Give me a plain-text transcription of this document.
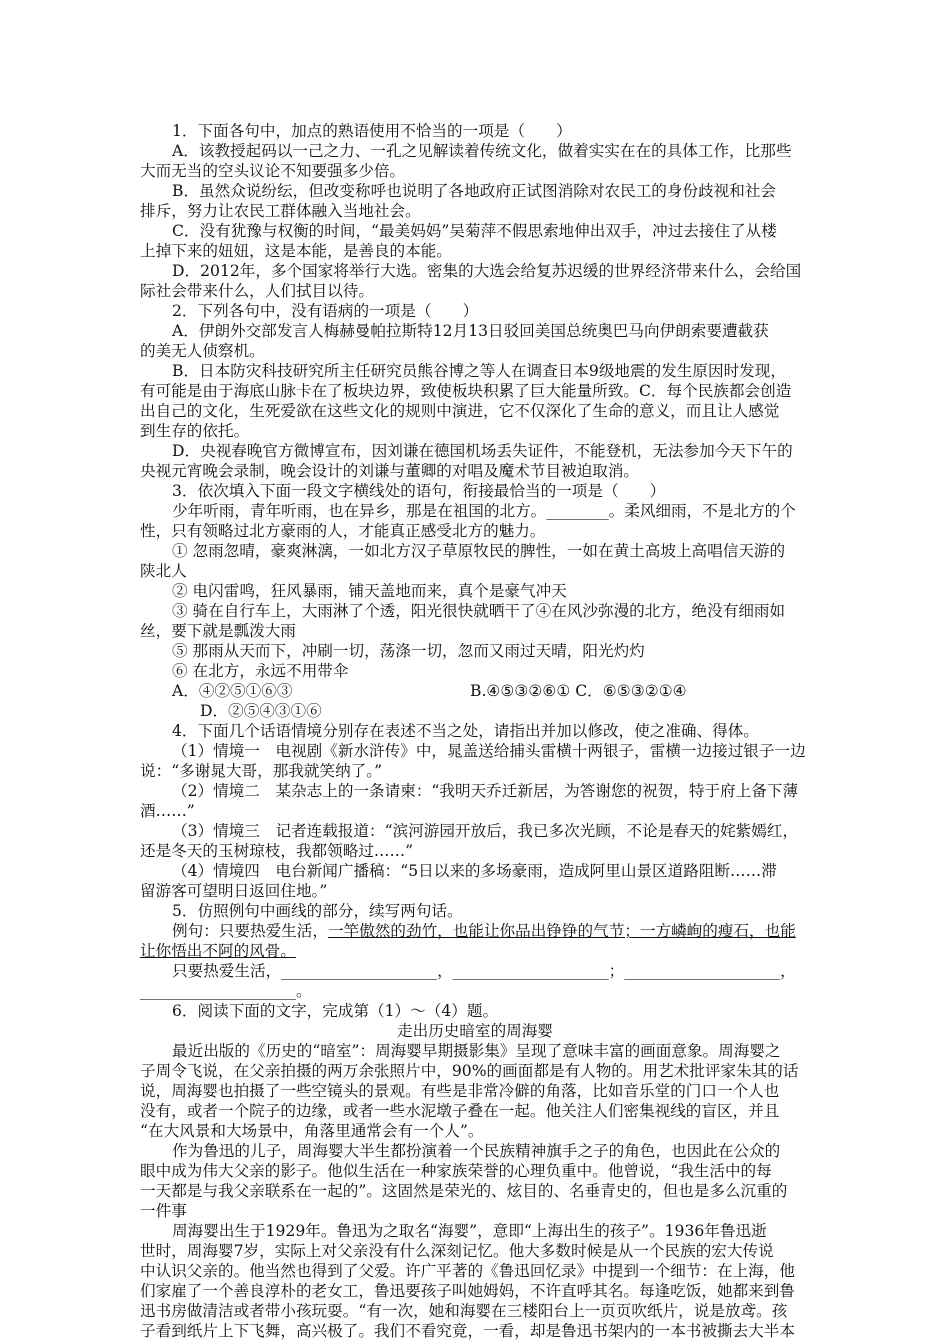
1．下面各句中，加点的熟语使用不恰当的一项是（　　）
A．该教授起码以一己之力、一孔之见解读着传统文化，做着实实在在的具体工作，比那些
大而无当的空头议论不知要强多少倍。
B．虽然众说纷纭，但改变称呼也说明了各地政府正试图消除对农民工的身份歧视和社会
排斥，努力让农民工群体融入当地社会。
C．没有犹豫与权衡的时间，“最美妈妈”吴菊萍不假思索地伸出双手，冲过去接住了从楼
上掉下来的妞妞，这是本能，是善良的本能。
D．2012年，多个国家将举行大选。密集的大选会给复苏迟缓的世界经济带来什么，会给国
际社会带来什么，人们拭目以待。
2．下列各句中，没有语病的一项是（　　）
A．伊朗外交部发言人梅赫曼帕拉斯特12月13日驳回美国总统奥巴马向伊朗索要遭截获
的美无人侦察机。
B．日本防灾科技研究所主任研究员熊谷博之等人在调查日本9级地震的发生原因时发现，
有可能是由于海底山脉卡在了板块边界，致使板块积累了巨大能量所致。C．每个民族都会创造
出自己的文化，生死爱欲在这些文化的规则中演进，它不仅深化了生命的意义，而且让人感觉
到生存的依托。
D．央视春晚官方微博宣布，因刘谦在德国机场丢失证件，不能登机，无法参加今天下午的
央视元宵晚会录制，晚会设计的刘谦与董卿的对唱及魔术节目被迫取消。
3．依次填入下面一段文字横线处的语句，衔接最恰当的一项是（　　）
少年听雨，青年听雨，也在异乡，那是在祖国的北方。________。柔风细雨，不是北方的个
性，只有领略过北方豪雨的人，才能真正感受北方的魅力。
① 忽雨忽晴，豪爽淋漓，一如北方汉子草原牧民的脾性，一如在黄土高坡上高唱信天游的
陕北人
② 电闪雷鸣，狂风暴雨，铺天盖地而来，真个是豪气冲天
③ 骑在自行车上，大雨淋了个透，阳光很快就晒干了④在风沙弥漫的北方，绝没有细雨如
丝，要下就是瓢泼大雨
⑤ 那雨从天而下，冲刷一切，荡涤一切，忽而又雨过天晴，阳光灼灼
⑥ 在北方，永远不用带伞
A．④②⑤①⑥③	B.④⑤③②⑥① C．⑥⑤③②①④
D．②⑤④③①⑥
4．下面几个话语情境分别存在表述不当之处，请指出并加以修改，使之准确、得体。
（1）情境一　电视剧《新水浒传》中，晁盖送给捕头雷横十两银子，雷横一边接过银子一边
说：“多谢晁大哥，那我就笑纳了。”
（2）情境二　某杂志上的一条请柬：“我明天乔迁新居，为答谢您的祝贺，特于府上备下薄
酒……”
（3）情境三　记者连载报道：“滨河游园开放后，我已多次光顾，不论是春天的姹紫嫣红，
还是冬天的玉树琼枝，我都领略过……”
（4）情境四　电台新闻广播稿：“5日以来的多场豪雨，造成阿里山景区道路阻断……滞
留游客可望明日返回住地。”
5．仿照例句中画线的部分，续写两句话。
例句：只要热爱生活， 一竿傲然的劲竹，也能让你品出铮铮的气节；一方嶙峋的瘦石，也能
让你悟出不阿的风骨。
只要热爱生活，____________________，____________________；____________________，
____________________。
6．阅读下面的文字，完成第（1）～（4）题。
走出历史暗室的周海婴
最近出版的《历史的“暗室”：周海婴早期摄影集》呈现了意味丰富的画面意象。周海婴之
子周令飞说，在父亲拍摄的两万余张照片中，90%的画面都是有人物的。用艺术批评家朱其的话
说，周海婴也拍摄了一些空镜头的景观。有些是非常冷僻的角落，比如音乐堂的门口一个人也
没有，或者一个院子的边缘，或者一些水泥墩子叠在一起。他关注人们密集视线的盲区，并且
“在大风景和大场景中，角落里通常会有一个人”。
作为鲁迅的儿子，周海婴大半生都扮演着一个民族精神旗手之子的角色，也因此在公众的
眼中成为伟大父亲的影子。他似生活在一种家族荣誉的心理负重中。他曾说，“我生活中的每
一天都是与我父亲联系在一起的”。这固然是荣光的、炫目的、名垂青史的，但也是多么沉重的
一件事
周海婴出生于1929年。鲁迅为之取名“海婴”，意即“上海出生的孩子”。1936年鲁迅逝
世时，周海婴7岁，实际上对父亲没有什么深刻记忆。他大多数时候是从一个民族的宏大传说
中认识父亲的。他当然也得到了父爱。许广平著的《鲁迅回忆录》中提到一个细节：在上海，他
们家雇了一个善良淳朴的老女工，鲁迅要孩子叫她姆妈，不许直呼其名。每逢吃饭，她都来到鲁
迅书房做清洁或者带小孩玩耍。“有一次，她和海婴在三楼阳台上一页页吹纸片，说是放鸢。孩
子看到纸片上下飞舞，高兴极了。我们不看究竟，一看，却是鲁迅书架内的一本书被撕去大半本
